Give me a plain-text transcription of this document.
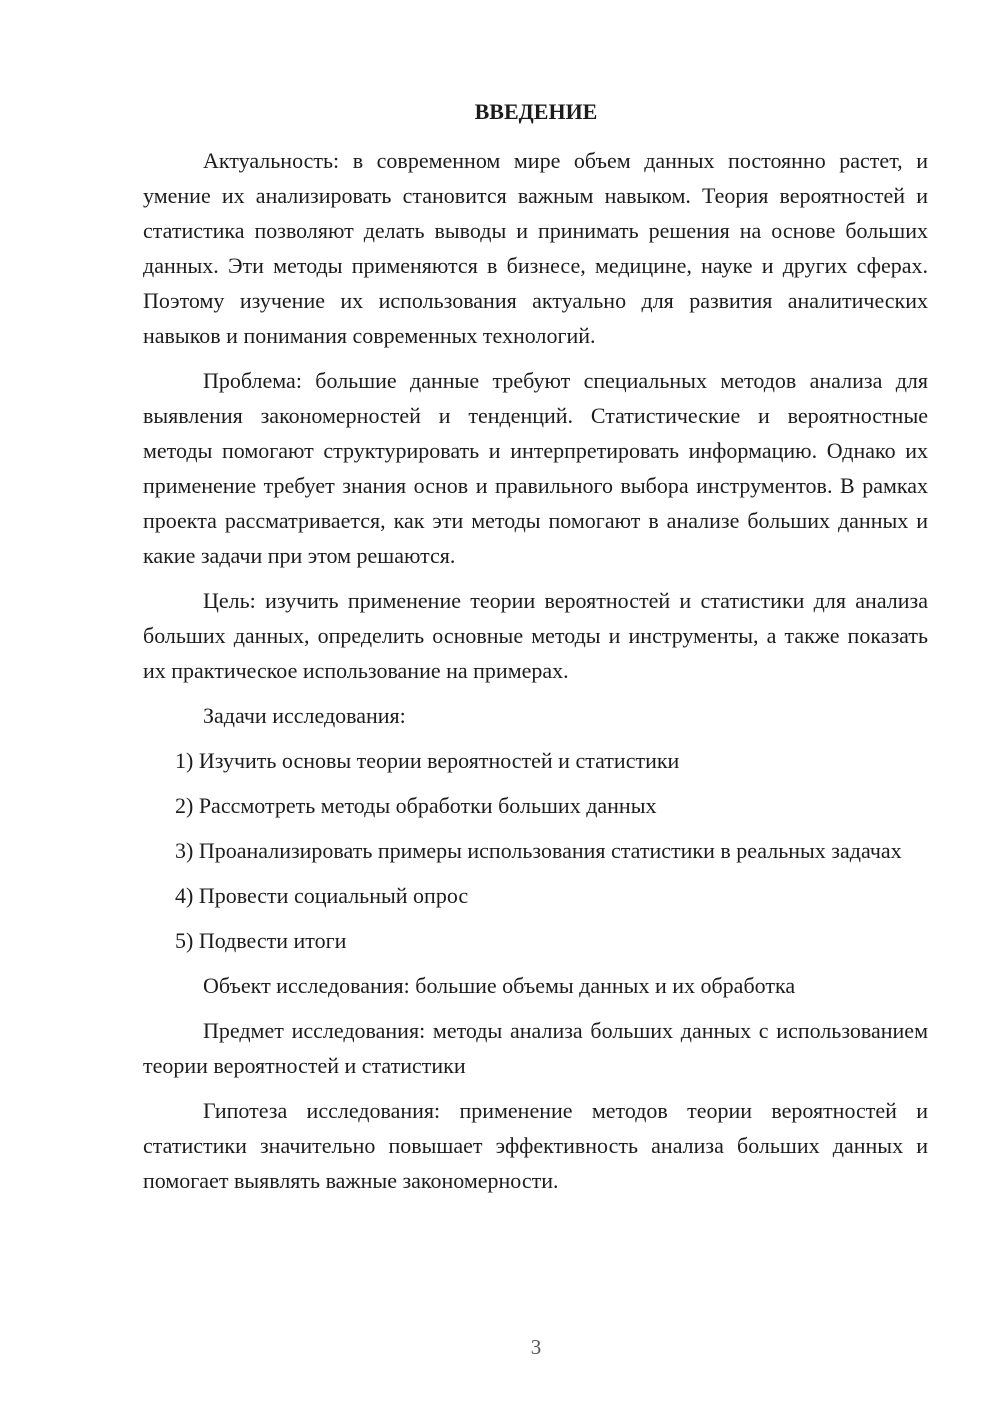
ВВЕДЕНИЕ

Актуальность: в современном мире объем данных постоянно растет, и умение их анализировать становится важным навыком. Теория вероятностей и статистика позволяют делать выводы и принимать решения на основе больших данных. Эти методы применяются в бизнесе, медицине, науке и других сферах. Поэтому изучение их использования актуально для развития аналитических навыков и понимания современных технологий.

Проблема: большие данные требуют специальных методов анализа для выявления закономерностей и тенденций. Статистические и вероятностные методы помогают структурировать и интерпретировать информацию. Однако их применение требует знания основ и правильного выбора инструментов. В рамках проекта рассматривается, как эти методы помогают в анализе больших данных и какие задачи при этом решаются.

Цель: изучить применение теории вероятностей и статистики для анализа больших данных, определить основные методы и инструменты, а также показать их практическое использование на примерах.

Задачи исследования:

1) Изучить основы теории вероятностей и статистики

2) Рассмотреть методы обработки больших данных

3) Проанализировать примеры использования статистики в реальных задачах

4) Провести социальный опрос

5) Подвести итоги

Объект исследования: большие объемы данных и их обработка

Предмет исследования: методы анализа больших данных с использованием теории вероятностей и статистики

Гипотеза исследования: применение методов теории вероятностей и статистики значительно повышает эффективность анализа больших данных и помогает выявлять важные закономерности.

3
